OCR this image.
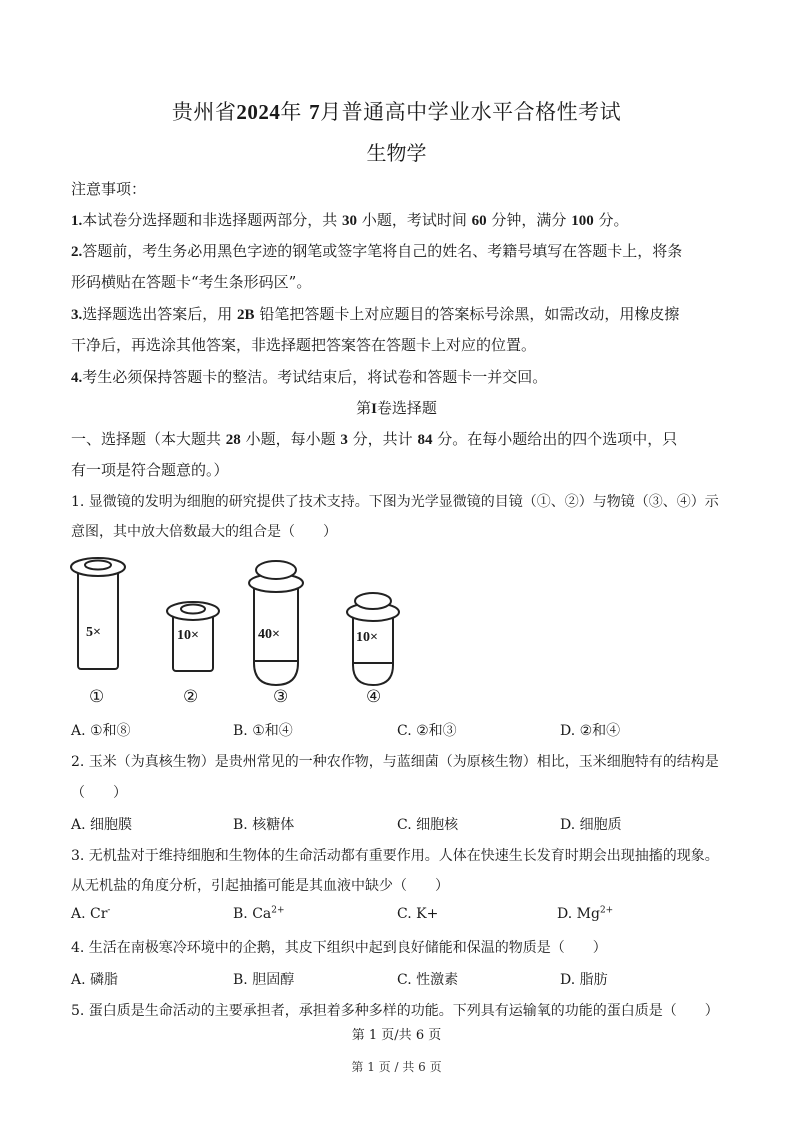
贵州省2024年 7月普通高中学业水平合格性考试
生物学
注意事项：
1.本试卷分选择题和非选择题两部分，共 30 小题，考试时间 60 分钟，满分 100 分。
2.答题前，考生务必用黑色字迹的钢笔或签字笔将自己的姓名、考籍号填写在答题卡上，将条
形码横贴在答题卡“考生条形码区”。
3.选择题选出答案后，用 2B 铅笔把答题卡上对应题目的答案标号涂黑，如需改动，用橡皮擦
干净后，再选涂其他答案，非选择题把答案答在答题卡上对应的位置。
4.考生必须保持答题卡的整洁。考试结束后，将试卷和答题卡一并交回。
第I卷选择题
一、选择题（本大题共 28 小题，每小题 3 分，共计 84 分。在每小题给出的四个选项中，只
有一项是符合题意的。）
1. 显微镜的发明为细胞的研究提供了技术支持。下图为光学显微镜的目镜（①、②）与物镜（③、④）示
意图，其中放大倍数最大的组合是（　　）
5×	10×	40×	10×
①	②	③	④
A. ①和⑧	B. ①和④	C. ②和③	D. ②和④
2. 玉米（为真核生物）是贵州常见的一种农作物，与蓝细菌（为原核生物）相比，玉米细胞特有的结构是
（　　）
A. 细胞膜	B. 核糖体	C. 细胞核	D. 细胞质
3. 无机盐对于维持细胞和生物体的生命活动都有重要作用。人体在快速生长发育时期会出现抽搐的现象。
从无机盐的角度分析，引起抽搐可能是其血液中缺少（　　）
A. Cr-	B. $Ca^{2+}$	C. K+	D. $Mg^{2+}$
4. 生活在南极寒冷环境中的企鹅，其皮下组织中起到良好储能和保温的物质是（　　）
A. 磷脂	B. 胆固醇	C. 性激素	D. 脂肪
5. 蛋白质是生命活动的主要承担者，承担着多种多样的功能。下列具有运输氧的功能的蛋白质是（　　）
第 1 页/共 6 页
第 1 页 / 共 6 页
